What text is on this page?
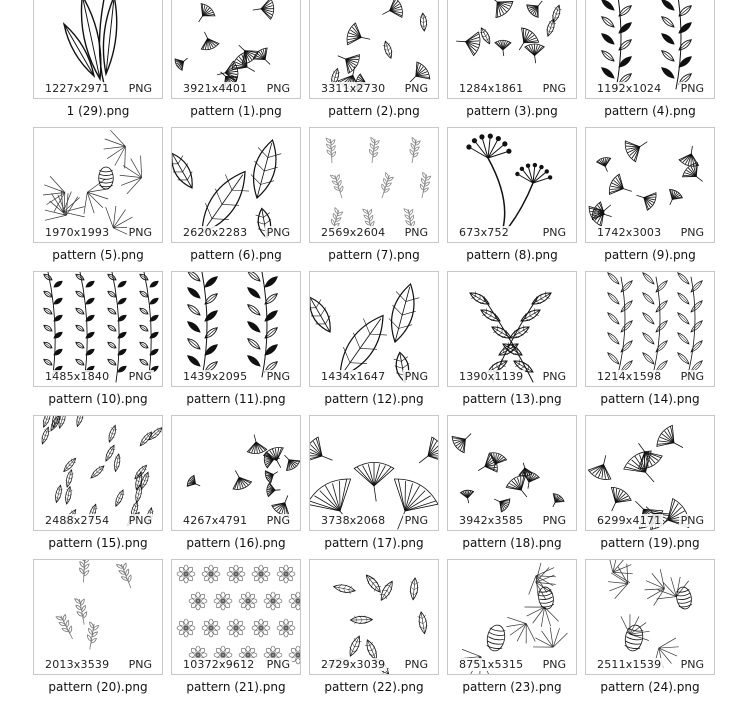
1227x2971 PNG
1 (29).png
3921x4401 PNG
pattern (1).png
3311x2730 PNG
pattern (2).png
1284x1861 PNG
pattern (3).png
1192x1024 PNG
pattern (4).png
1970x1993 PNG
pattern (5).png
2620x2283 PNG
pattern (6).png
2569x2604 PNG
pattern (7).png
673x752	PNG
pattern (8).png
1742x3003 PNG
pattern (9).png
1485x1840 PNG
pattern (10).png
1439x2095 PNG
pattern (11).png
1434x1647 PNG
pattern (12).png
1390x1139 PNG
pattern (13).png
1214x1598 PNG
pattern (14).png
2488x2754 PNG
pattern (15).png
4267x4791 PNG
pattern (16).png
3738x2068 PNG
pattern (17).png
3942x3585 PNG
pattern (18).png
6299x4171 PNG
pattern (19).png
2013x3539 PNG
pattern (20).png
10372x9612 PNG
pattern (21).png
2729x3039 PNG
pattern (22).png
8751x5315 PNG
pattern (23).png
2511x1539 PNG
pattern (24).png
